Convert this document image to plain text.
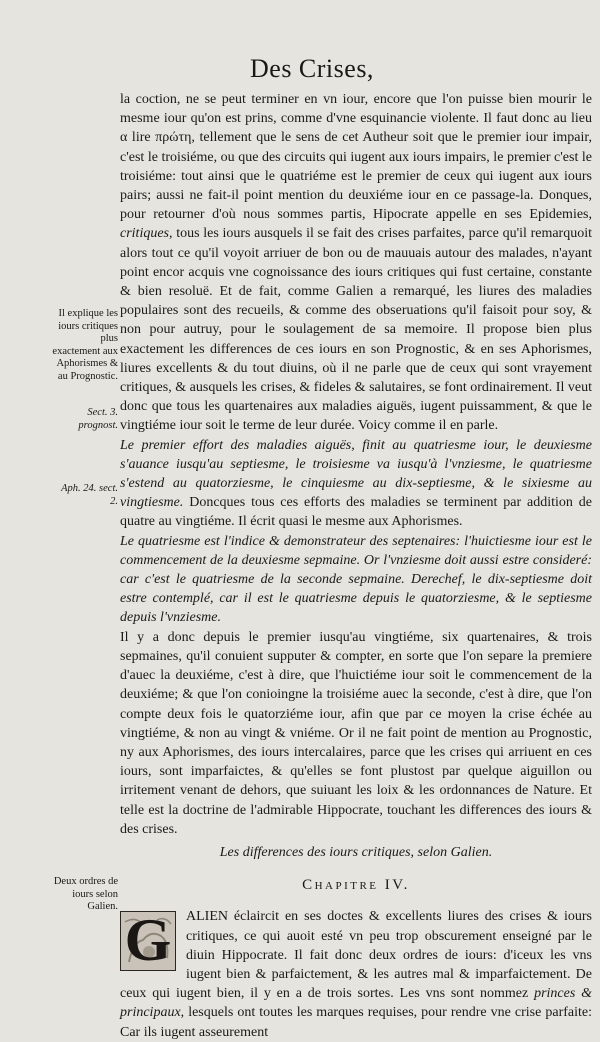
Des Crises,
Il explique les iours critiques plus exactement aux Aphorismes & au Prognostic.
Sect. 3. prognost.
Aph. 24. sect. 2.
Deux ordres de iours selon Galien.

la coction, ne se peut terminer en vn iour, encore que l'on puisse bien mourir le mesme iour qu'on est prins, comme d'vne esquinancie violente. Il faut donc au lieu α lire πρώτη, tellement que le sens de cet Autheur soit que le premier iour impair, c'est le troisiéme, ou que des circuits qui iugent aux iours impairs, le premier c'est le troisiéme: tout ainsi que le quatriéme est le premier de ceux qui iugent aux iours pairs; aussi ne fait-il point mention du deuxiéme iour en ce passage-la. Donques, pour retourner d'où nous sommes partis, Hipocrate appelle en ses Epidemies, critiques, tous les iours ausquels il se fait des crises parfaites, parce qu'il remarquoit alors tout ce qu'il voyoit arriuer de bon ou de mauuais autour des malades, n'ayant point encor acquis vne cognoissance des iours critiques qui fust certaine, constante & bien resoluë. Et de fait, comme Galien a remarqué, les liures des maladies populaires sont des recueils, & comme des obseruations qu'il faisoit pour soy, & non pour autruy, pour le soulagement de sa memoire. Il propose bien plus exactement les differences de ces iours en son Prognostic, & en ses Aphorismes, liures excellents & du tout diuins, où il ne parle que de ceux qui sont vrayement critiques, & ausquels les crises, & fideles & salutaires, se font ordinairement. Il veut donc que tous les quartenaires aux maladies aiguës, iugent puissamment, & que le vingtiéme iour soit le terme de leur durée. Voicy comme il en parle.

Le premier effort des maladies aiguës, finit au quatriesme iour, le deuxiesme s'auance iusqu'au septiesme, le troisiesme va iusqu'à l'vnziesme, le quatriesme s'estend au quatorziesme, le cinquiesme au dix-septiesme, & le sixiesme au vingtiesme. Doncques tous ces efforts des maladies se terminent par addition de quatre au vingtiéme. Il écrit quasi le mesme aux Aphorismes.

Le quatriesme est l'indice & demonstrateur des septenaires: l'huictiesme iour est le commencement de la deuxiesme sepmaine. Or l'vnziesme doit aussi estre consideré: car c'est le quatriesme de la seconde sepmaine. Derechef, le dix-septiesme doit estre contemplé, car il est le quatriesme depuis le quatorziesme, & le septiesme depuis l'vnziesme.

Il y a donc depuis le premier iusqu'au vingtiéme, six quartenaires, & trois sepmaines, qu'il conuient supputer & compter, en sorte que l'on separe la premiere d'auec la deuxiéme, c'est à dire, que l'huictiéme iour soit le commencement de la deuxiéme; & que l'on conioingne la troisiéme auec la seconde, c'est à dire, que l'on compte deux fois le quatorziéme iour, afin que par ce moyen la crise échée au vingtiéme, & non au vingt & vniéme. Or il ne fait point de mention au Prognostic, ny aux Aphorismes, des iours intercalaires, parce que les crises qui arriuent en ces iours, sont imparfaictes, & qu'elles se font plustost par quelque aiguillon ou irritement venant de dehors, que suiuant les loix & les ordonnances de Nature. Et telle est la doctrine de l'admirable Hippocrate, touchant les differences des iours & des crises.

Les differences des iours critiques, selon Galien.
Chapitre IV.
G	ALIEN éclaircit en ses doctes & excellents liures des crises & iours critiques, ce qui auoit esté vn peu trop obscurement enseigné par le diuin Hippocrate. Il fait donc deux ordres de iours: d'iceux les vns iugent bien & parfaictement, & les autres mal & imparfaictement. De ceux qui iugent bien, il y en a de trois sortes. Les vns sont nommez princes & principaux, lesquels ont toutes les marques requises, pour rendre vne crise parfaite: Car ils iugent asseurement
